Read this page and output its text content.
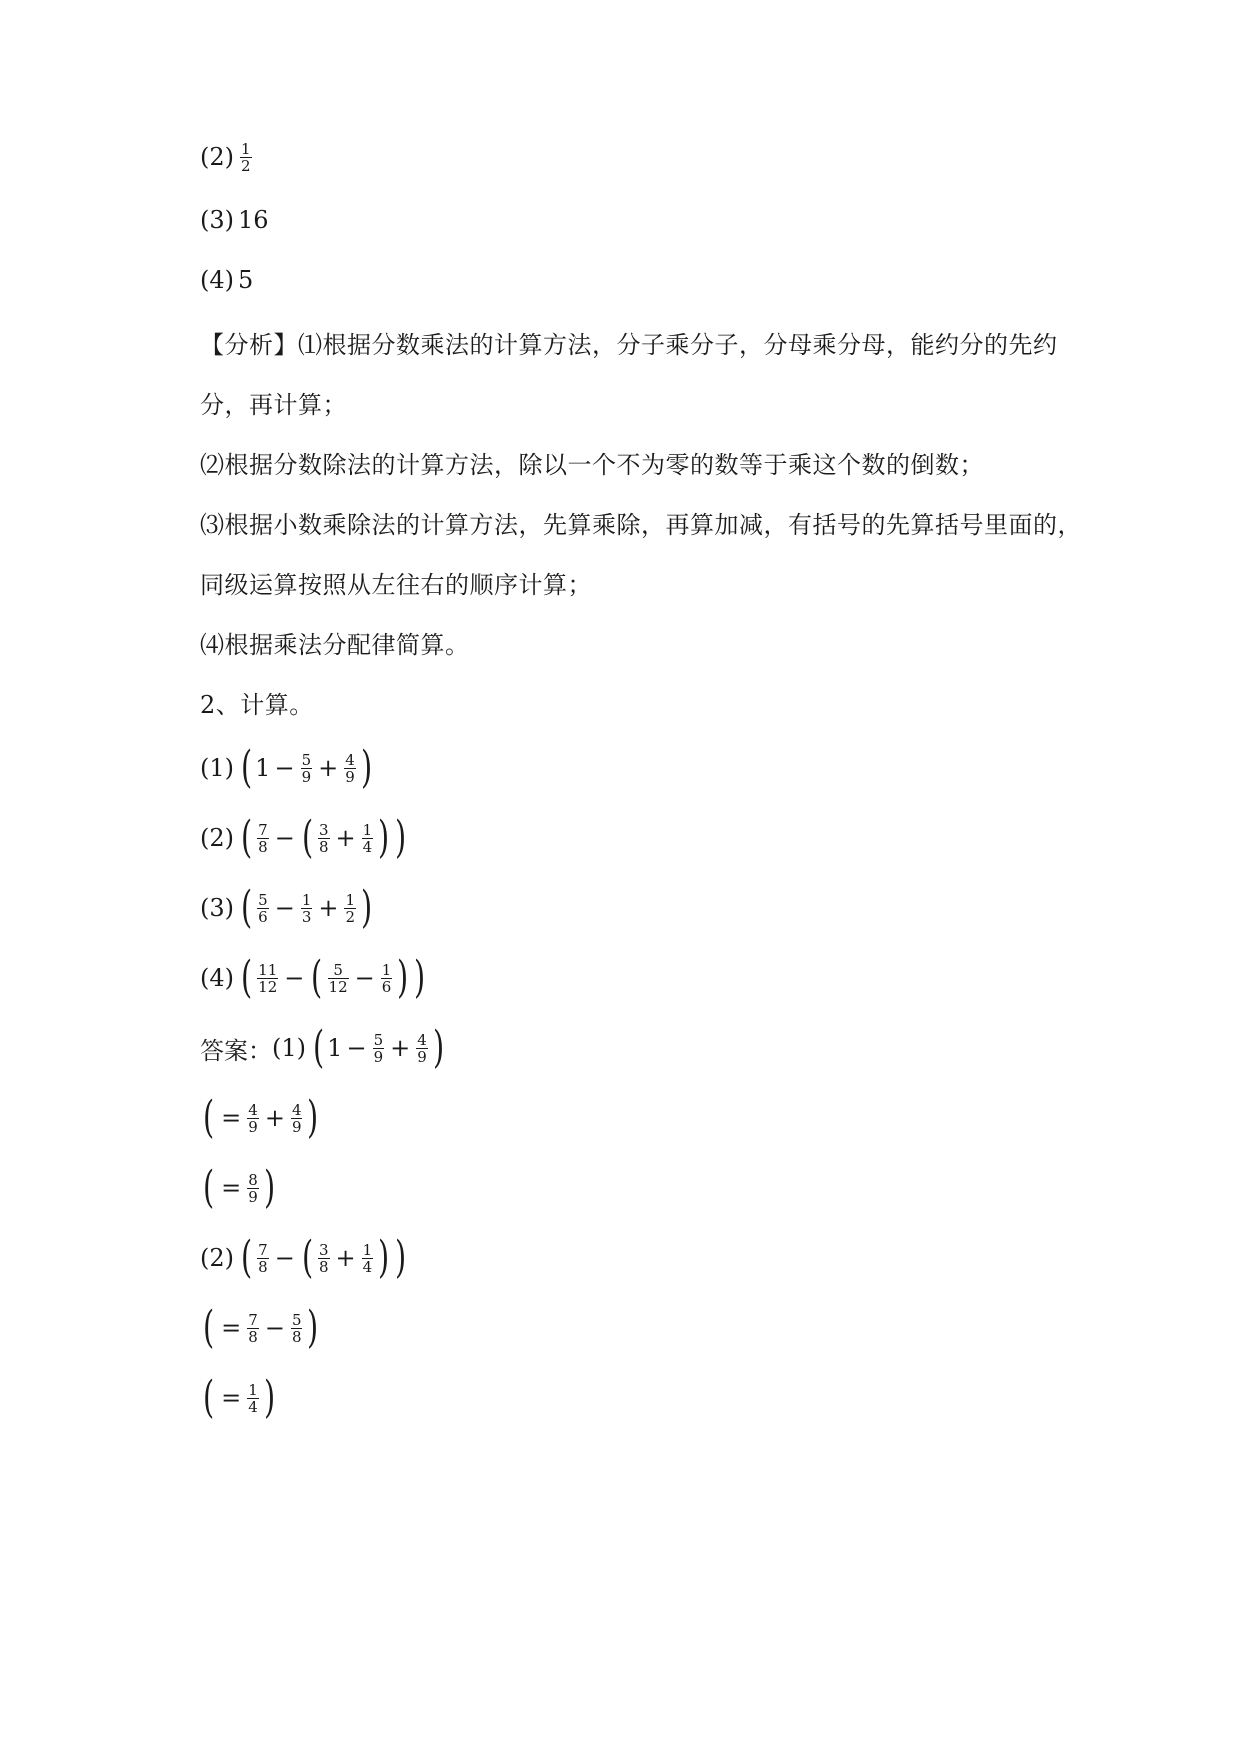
$(2) \frac{1}{2}$
(3) 16
(4) 5
【分析】⑴根据分数乘法的计算方法，分子乘分子，分母乘分母，能约分的先约
分，再计算；
⑵根据分数除法的计算方法，除以一个不为零的数等于乘这个数的倒数；
⑶根据小数乘除法的计算方法，先算乘除，再算加减，有括号的先算括号里面的，
同级运算按照从左往右的顺序计算；
⑷根据乘法分配律简算。
2、计算。
(1) ( $1 - \frac{5}{9} + \frac{4}{9}$ )
(2) ( $\frac{7}{8}$ − ( $\frac{3}{8} + \frac{1}{4}$ ) )
(3) ( $\frac{5}{6} - \frac{1}{3} + \frac{1}{2}$ )
(4) ( $\frac{11}{12}$ − ( $\frac{5}{12} - \frac{1}{6}$ ) )
答案： (1) ( $1 - \frac{5}{9} + \frac{4}{9}$ )
( = $\frac{4}{9} + \frac{4}{9}$ )
( = $\frac{8}{9}$ )
(2) ( $\frac{7}{8}$ − ( $\frac{3}{8} + \frac{1}{4}$ ) )
( = $\frac{7}{8} - \frac{5}{8}$ )
( = $\frac{1}{4}$ )
